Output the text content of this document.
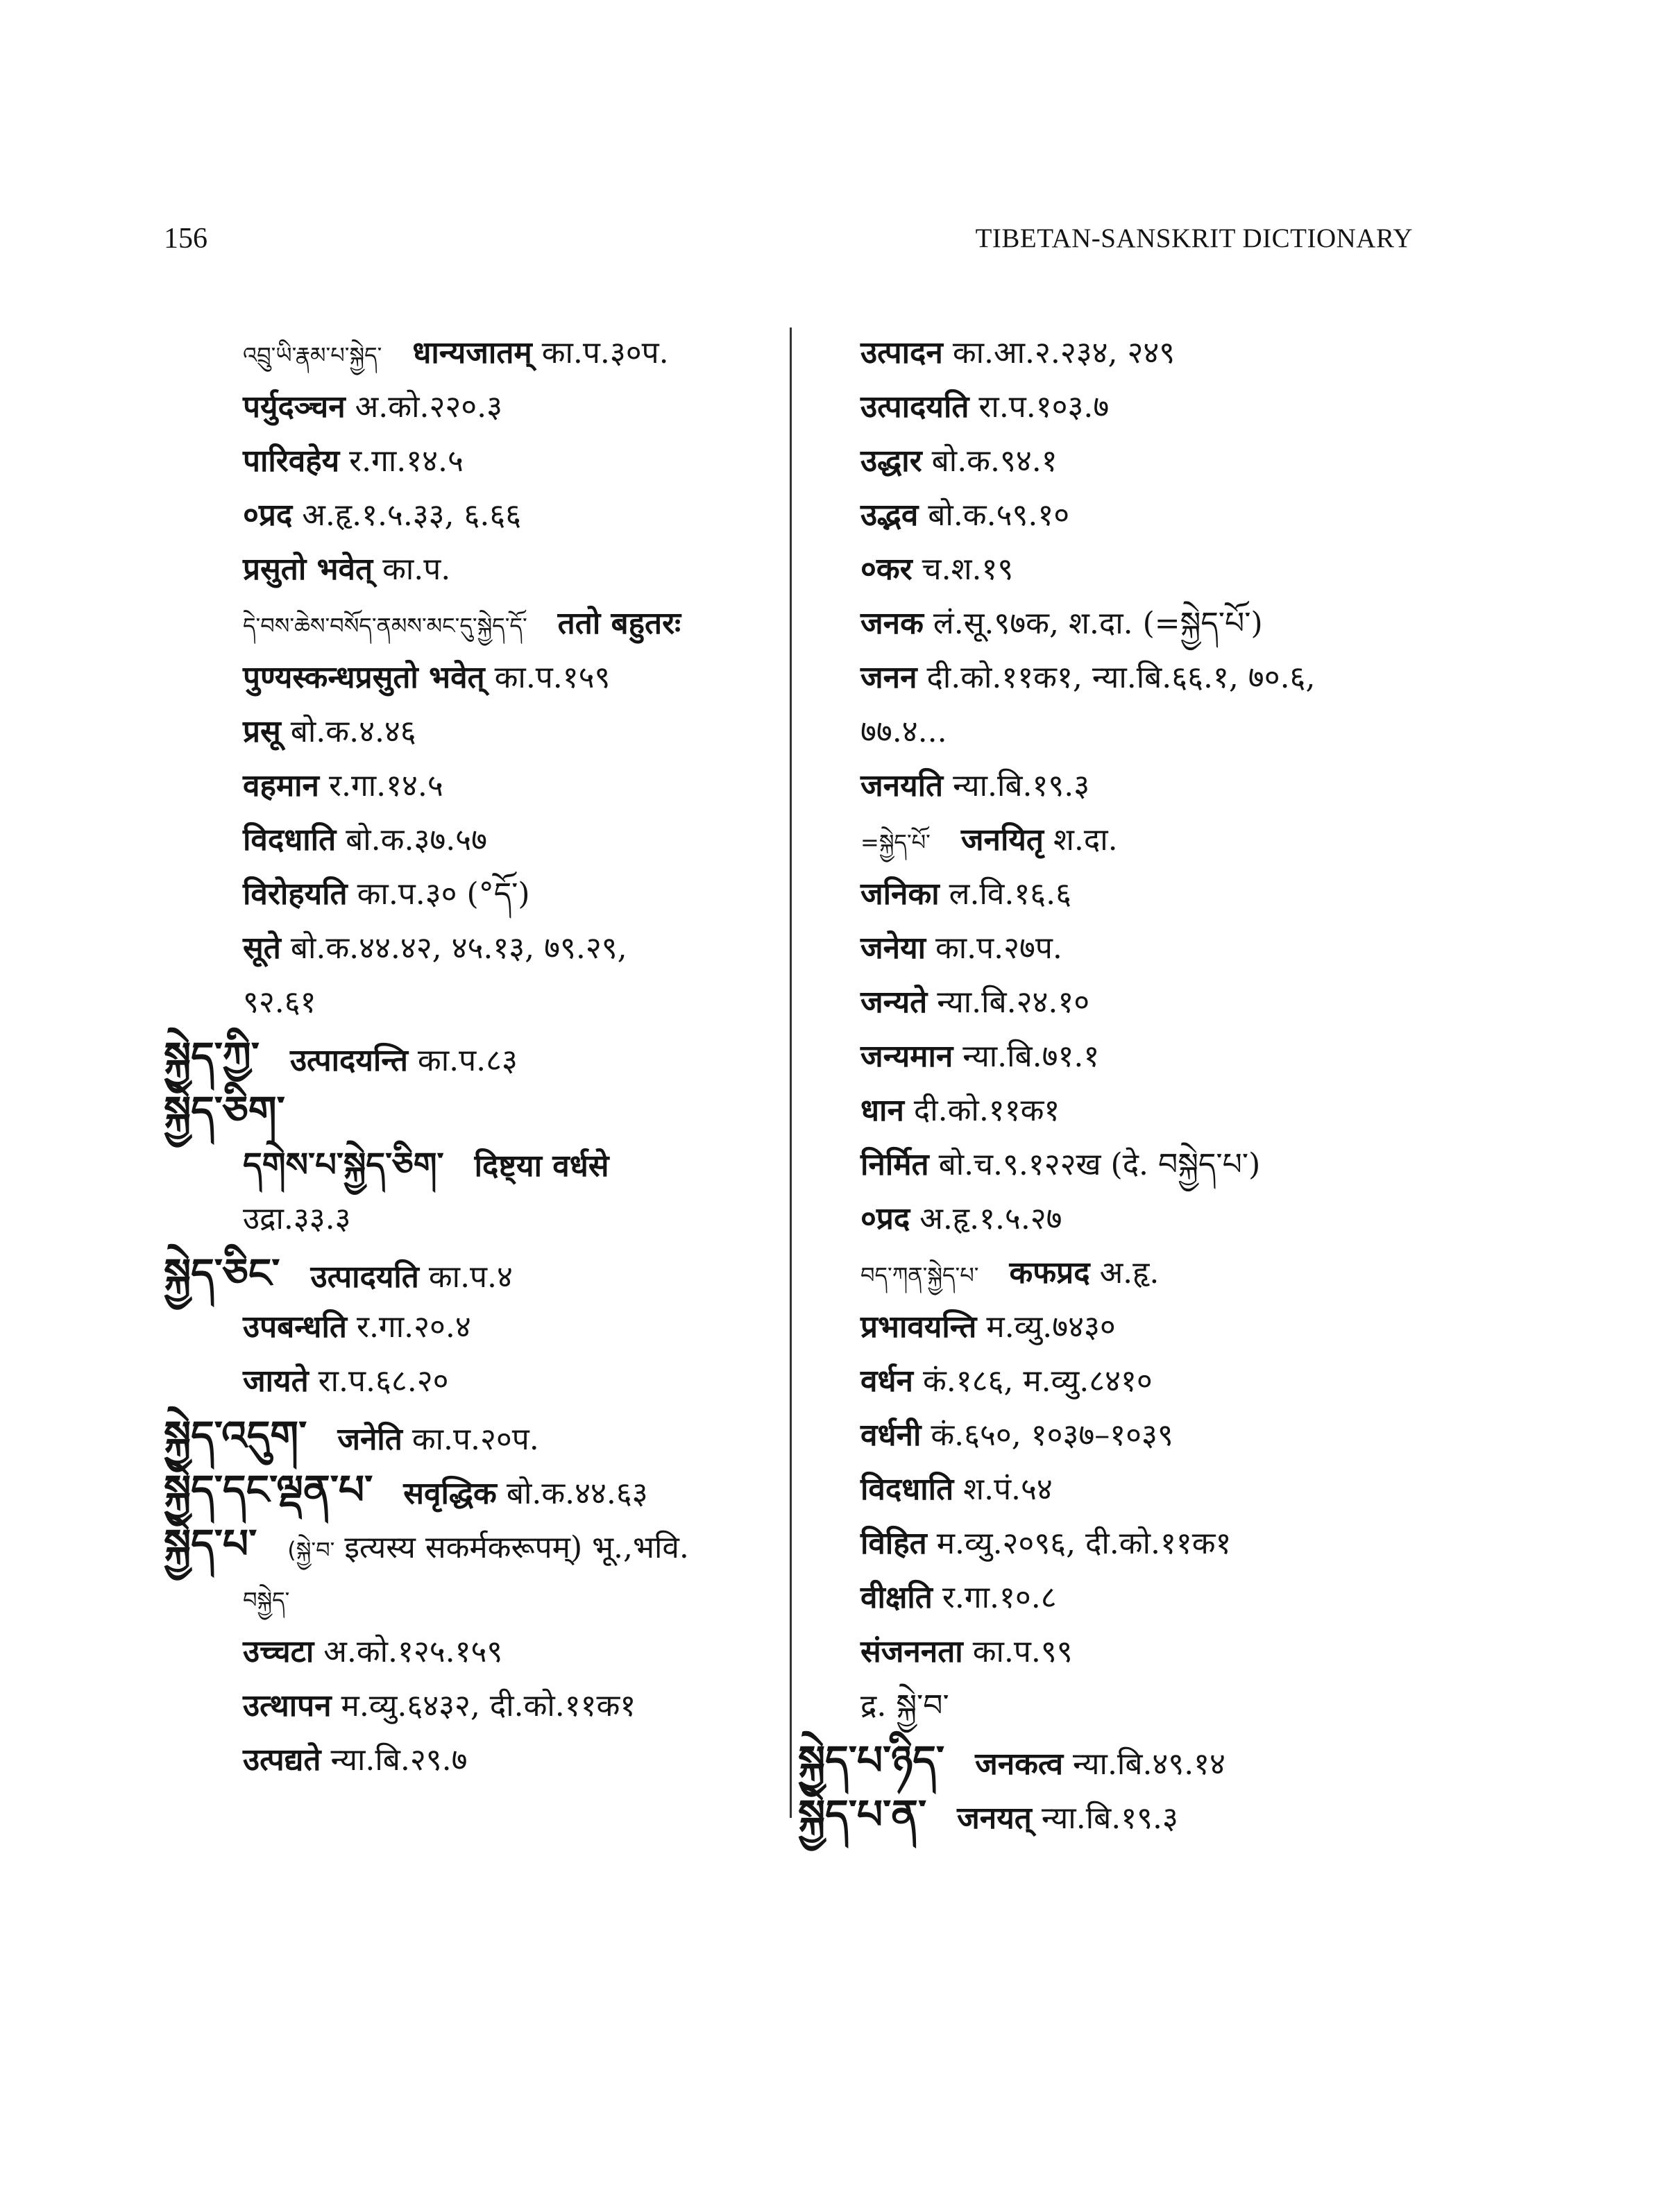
156	TIBETAN-SANSKRIT DICTIONARY
འབྲུ་ཡི་རྣམ་པ་སྐྱེད་ धान्यजातम् का.प.३०प.
पर्युदञ्चन अ.को.२२०.३
पारिवहेय र.गा.१४.५
०प्रद अ.हृ.१.५.३३, ६.६६
प्रसुतो भवेत् का.प.
དེ་བས་ཆེས་བསོད་ནམས་མང་དུ་སྐྱེད་དོ་ ततो बहुतरः
पुण्यस्कन्धप्रसुतो भवेत् का.प.१५९
प्रसू बो.क.४.४६
वहमान र.गा.१४.५
विदधाति बो.क.३७.५७
विरोहयति का.प.३० (°དོ་)
सूते बो.क.४४.४२, ४५.१३, ७९.२९,
९२.६१
སྐྱེད་ཀྱི་ उत्पादयन्ति का.प.८३
སྐྱེད་ཅིག་
དགེས་པ་སྐྱེད་ཅིག་ दिष्ट्या वर्धसे
उद्रा.३३.३
སྐྱེད་ཅིང་ उत्पादयति का.प.४
उपबन्धति र.गा.२०.४
जायते रा.प.६८.२०
སྐྱེད་འདུག་ जनेति का.प.२०प.
སྐྱེད་དང་ལྡན་པ་ सवृद्धिक बो.क.४४.६३
སྐྱེད་པ་ (སྐྱེ་བ་ इत्यस्य सकर्मकरूपम्) भू.,भवि.
བསྐྱེད་
उच्चटा अ.को.१२५.१५९
उत्थापन म.व्यु.६४३२, दी.को.११क१
उत्पद्यते न्या.बि.२९.७
उत्पादन का.आ.२.२३४, २४९
उत्पादयति रा.प.१०३.७
उद्धार बो.क.९४.१
उद्भव बो.क.५९.१०
०कर च.श.१९
जनक लं.सू.९७क, श.दा. (=སྐྱེད་པོ་)
जनन दी.को.११क१, न्या.बि.६६.१, ७०.६,
७७.४...
जनयति न्या.बि.१९.३
=སྐྱེད་པོ་ जनयितृ श.दा.
जनिका ल.वि.१६.६
जनेया का.प.२७प.
जन्यते न्या.बि.२४.१०
जन्यमान न्या.बि.७१.१
धान दी.को.११क१
निर्मित बो.च.९.१२२ख (दे. བསྐྱེད་པ་)
०प्रद अ.हृ.१.५.२७
བད་ཀན་སྐྱེད་པ་ कफप्रद अ.हृ.
प्रभावयन्ति म.व्यु.७४३०
वर्धन कं.१८६, म.व्यु.८४१०
वर्धनी कं.६५०, १०३७–१०३९
विदधाति श.पं.५४
विहित म.व्यु.२०९६, दी.को.११क१
वीक्षति र.गा.१०.८
संजननता का.प.९९
द्र. སྐྱེ་བ་
སྐྱེད་པ་ཉིད་ जनकत्व न्या.बि.४९.१४
སྐྱེད་པ་ན་ जनयत् न्या.बि.१९.३
